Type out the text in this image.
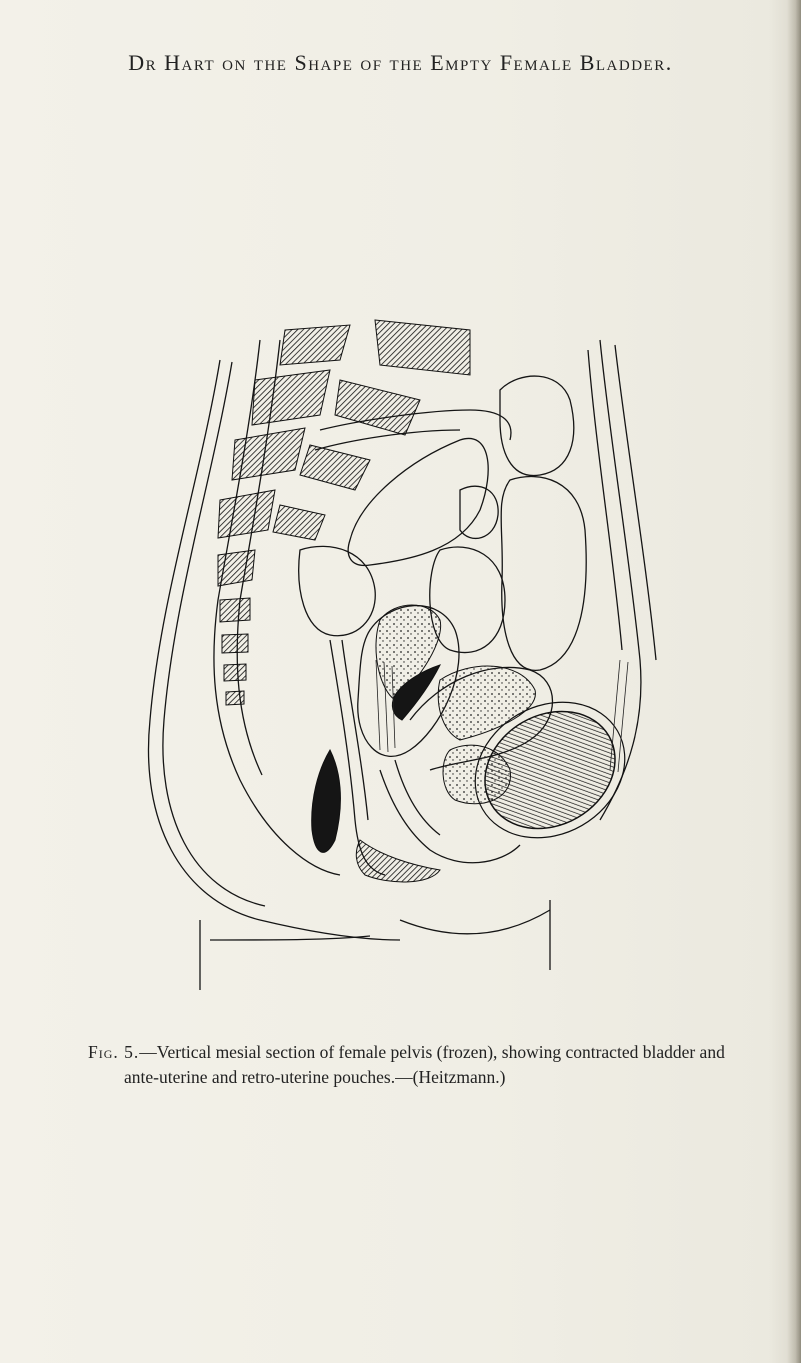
Dr Hart on the Shape of the Empty Female Bladder.
Fig. 5.—Vertical mesial section of female pelvis (frozen), showing contracted bladder and
ante-uterine and retro-uterine pouches.—(Heitzmann.)
